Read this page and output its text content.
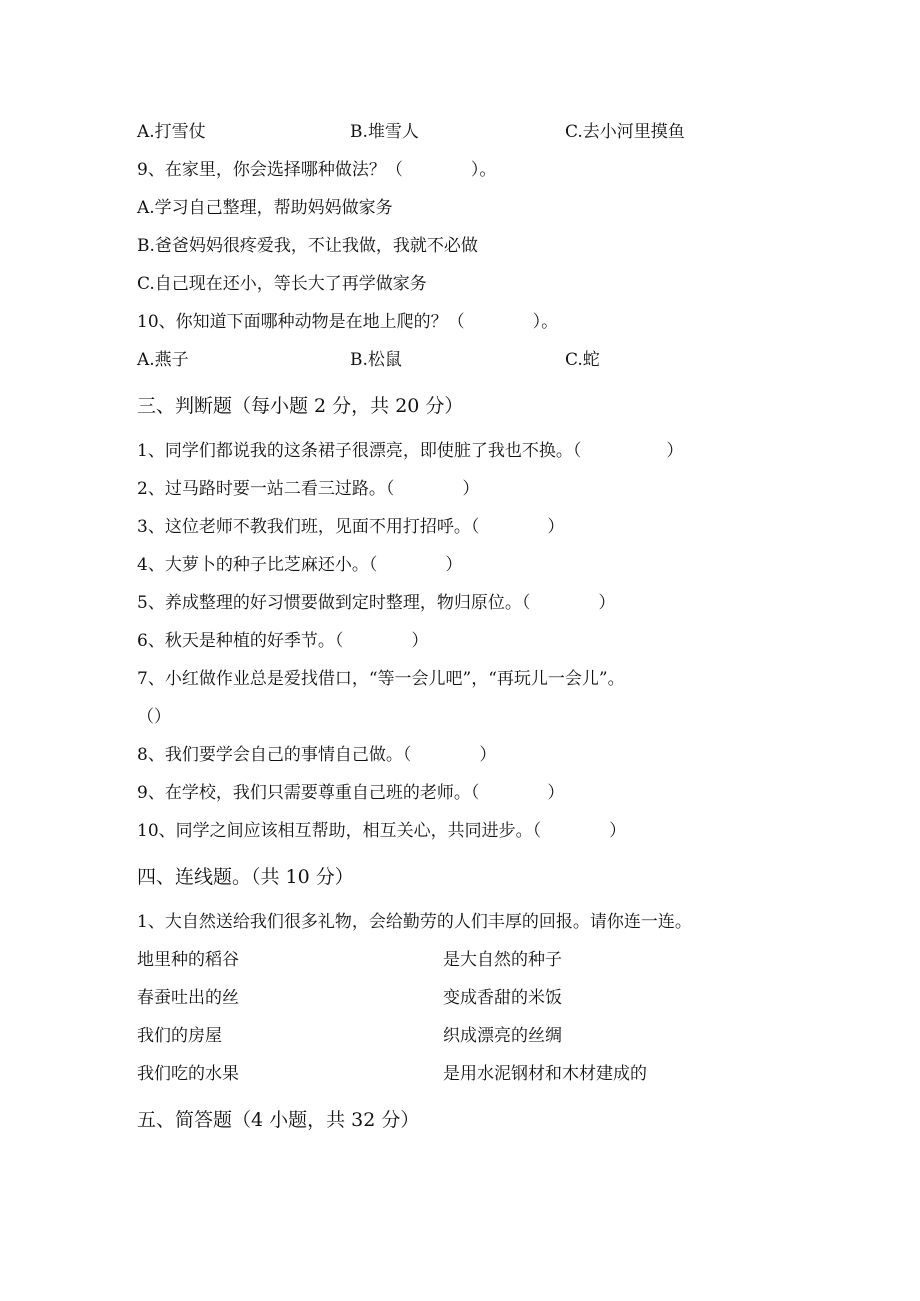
A.打雪仗	B.堆雪人	C.去小河里摸鱼
9、在家里，你会选择哪种做法？（　　　　）。
A.学习自己整理，帮助妈妈做家务
B.爸爸妈妈很疼爱我，不让我做，我就不必做
C.自己现在还小，等长大了再学做家务
10、你知道下面哪种动物是在地上爬的？（　　　　）。
A.燕子	B.松鼠	C.蛇
三、判断题（每小题 2 分，共 20 分）
1、同学们都说我的这条裙子很漂亮，即使脏了我也不换。（　　　　　）
2、过马路时要一站二看三过路。（　　　　）
3、这位老师不教我们班，见面不用打招呼。（　　　　）
4、大萝卜的种子比芝麻还小。（　　　　）
5、养成整理的好习惯要做到定时整理，物归原位。（　　　　）
6、秋天是种植的好季节。（　　　　）
7、小红做作业总是爱找借口，“等一会儿吧”，“再玩儿一会儿”。
（）
8、我们要学会自己的事情自己做。（　　　　）
9、在学校，我们只需要尊重自己班的老师。（　　　　）
10、同学之间应该相互帮助，相互关心，共同进步。（　　　　）
四、连线题。（共 10 分）
1、大自然送给我们很多礼物，会给勤劳的人们丰厚的回报。请你连一连。
地里种的稻谷	是大自然的种子
春蚕吐出的丝	变成香甜的米饭
我们的房屋	织成漂亮的丝绸
我们吃的水果	是用水泥钢材和木材建成的
五、简答题（4 小题，共 32 分）
